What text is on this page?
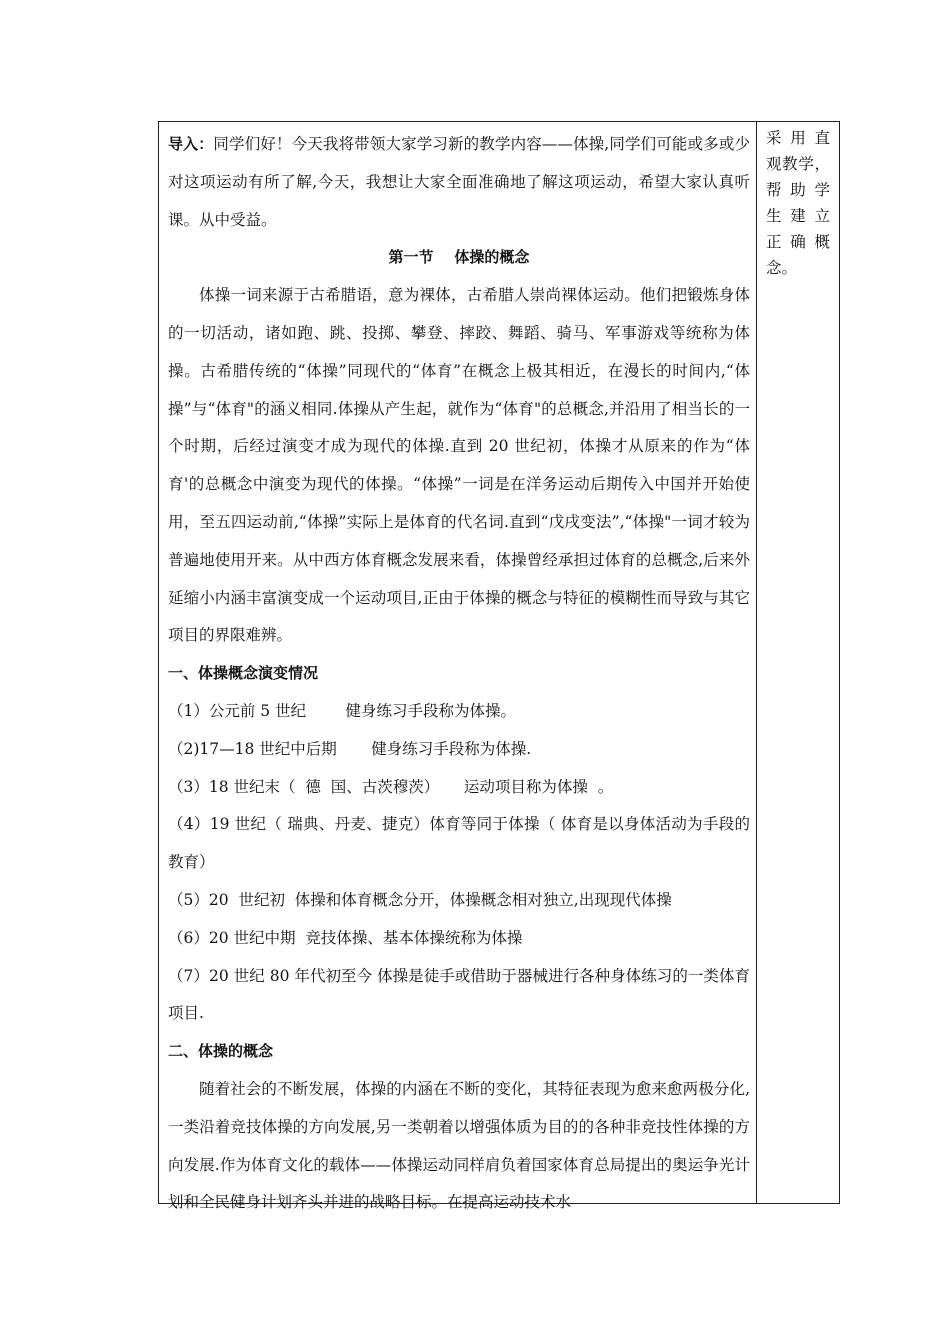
导入：同学们好！今天我将带领大家学习新的教学内容——体操,同学们可能或多或少对这项运动有所了解,今天，我想让大家全面准确地了解这项运动，希望大家认真听课。从中受益。

第一节    体操的概念

体操一词来源于古希腊语，意为裸体，古希腊人崇尚裸体运动。他们把锻炼身体的一切活动，诸如跑、跳、投掷、攀登、摔跤、舞蹈、骑马、军事游戏等统称为体操。古希腊传统的“体操”同现代的“体育”在概念上极其相近，在漫长的时间内,“体操”与“体育"的涵义相同.体操从产生起，就作为“体育"的总概念,并沿用了相当长的一个时期，后经过演变才成为现代的体操.直到 20 世纪初，体操才从原来的作为“体育'的总概念中演变为现代的体操。“体操”一词是在洋务运动后期传入中国并开始使用，至五四运动前,“体操”实际上是体育的代名词.直到“戊戌变法”,“体操"一词才较为普遍地使用开来。从中西方体育概念发展来看，体操曾经承担过体育的总概念,后来外延缩小内涵丰富演变成一个运动项目,正由于体操的概念与特征的模糊性而导致与其它项目的界限难辨。

一、体操概念演变情况

（1）公元前 5 世纪        健身练习手段称为体操。

（2)17—18 世纪中后期       健身练习手段称为体操.

（3）18 世纪末（  德  国、古茨穆茨）     运动项目称为体操  。

（4）19 世纪（ 瑞典、丹麦、捷克）体育等同于体操（ 体育是以身体活动为手段的教育）

（5）20  世纪初  体操和体育概念分开，体操概念相对独立,出现现代体操

（6）20 世纪中期  竞技体操、基本体操统称为体操

（7）20 世纪 80 年代初至今 体操是徒手或借助于器械进行各种身体练习的一类体育项目.

二、体操的概念

随着社会的不断发展，体操的内涵在不断的变化，其特征表现为愈来愈两极分化,一类沿着竞技体操的方向发展,另一类朝着以增强体质为目的的各种非竞技性体操的方向发展.作为体育文化的载体——体操运动同样肩负着国家体育总局提出的奥运争光计划和全民健身计划齐头并进的战略目标。在提高运动技术水

采 用 直
观教学，
帮 助 学
生 建 立
正 确 概
念。
